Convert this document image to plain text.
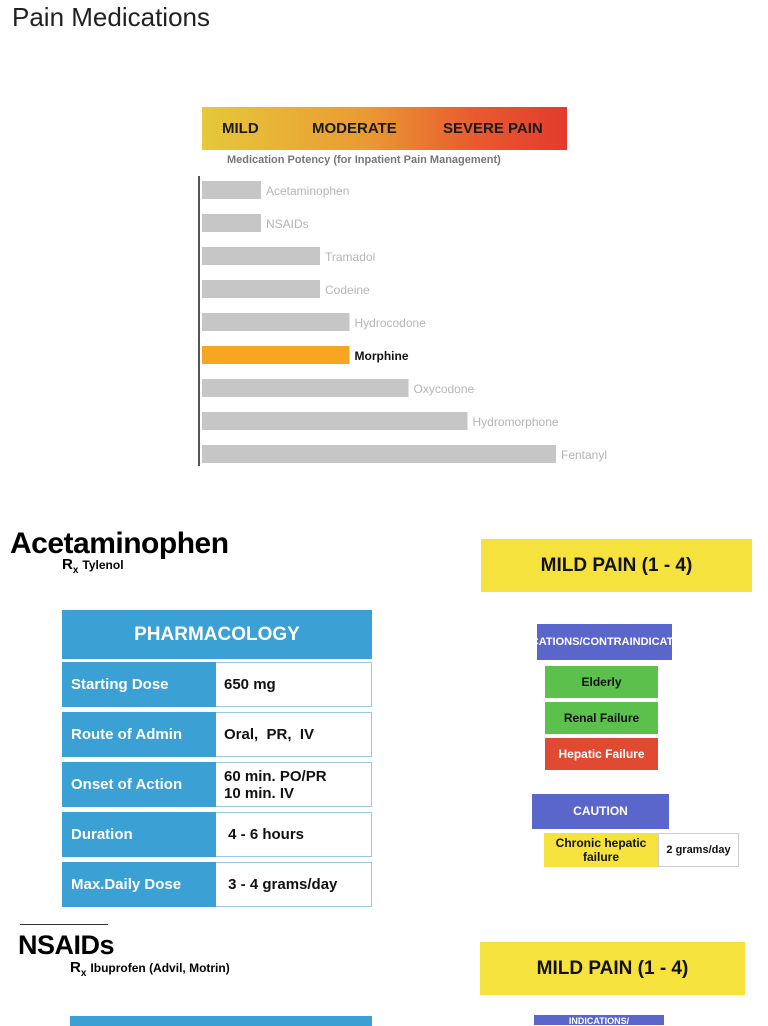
Pain Medications
MILD	MODERATE	SEVERE PAIN
Medication Potency (for Inpatient Pain Management)
Acetaminophen
NSAIDs
Tramadol
Codeine
Hydrocodone
Morphine
Oxycodone
Hydromorphone
Fentanyl
Acetaminophen
$R_x$ Tylenol	MILD PAIN (1 - 4)
PHARMACOLOGY
Starting Dose	650 mg
Route of Admin	Oral,  PR,  IV
Onset of Action	60 min. PO/PR
10 min. IV
Duration	4 - 6 hours
Max.Daily Dose	3 - 4 grams/day
INDICATIONS/ CONTRAINDICATIONS
Elderly
Renal Failure
Hepatic Failure
CAUTION
Chronic hepatic
failure	2 grams/day
NSAIDs
$R_x$ Ibuprofen (Advil, Motrin)	MILD PAIN (1 - 4)
INDICATIONS/
